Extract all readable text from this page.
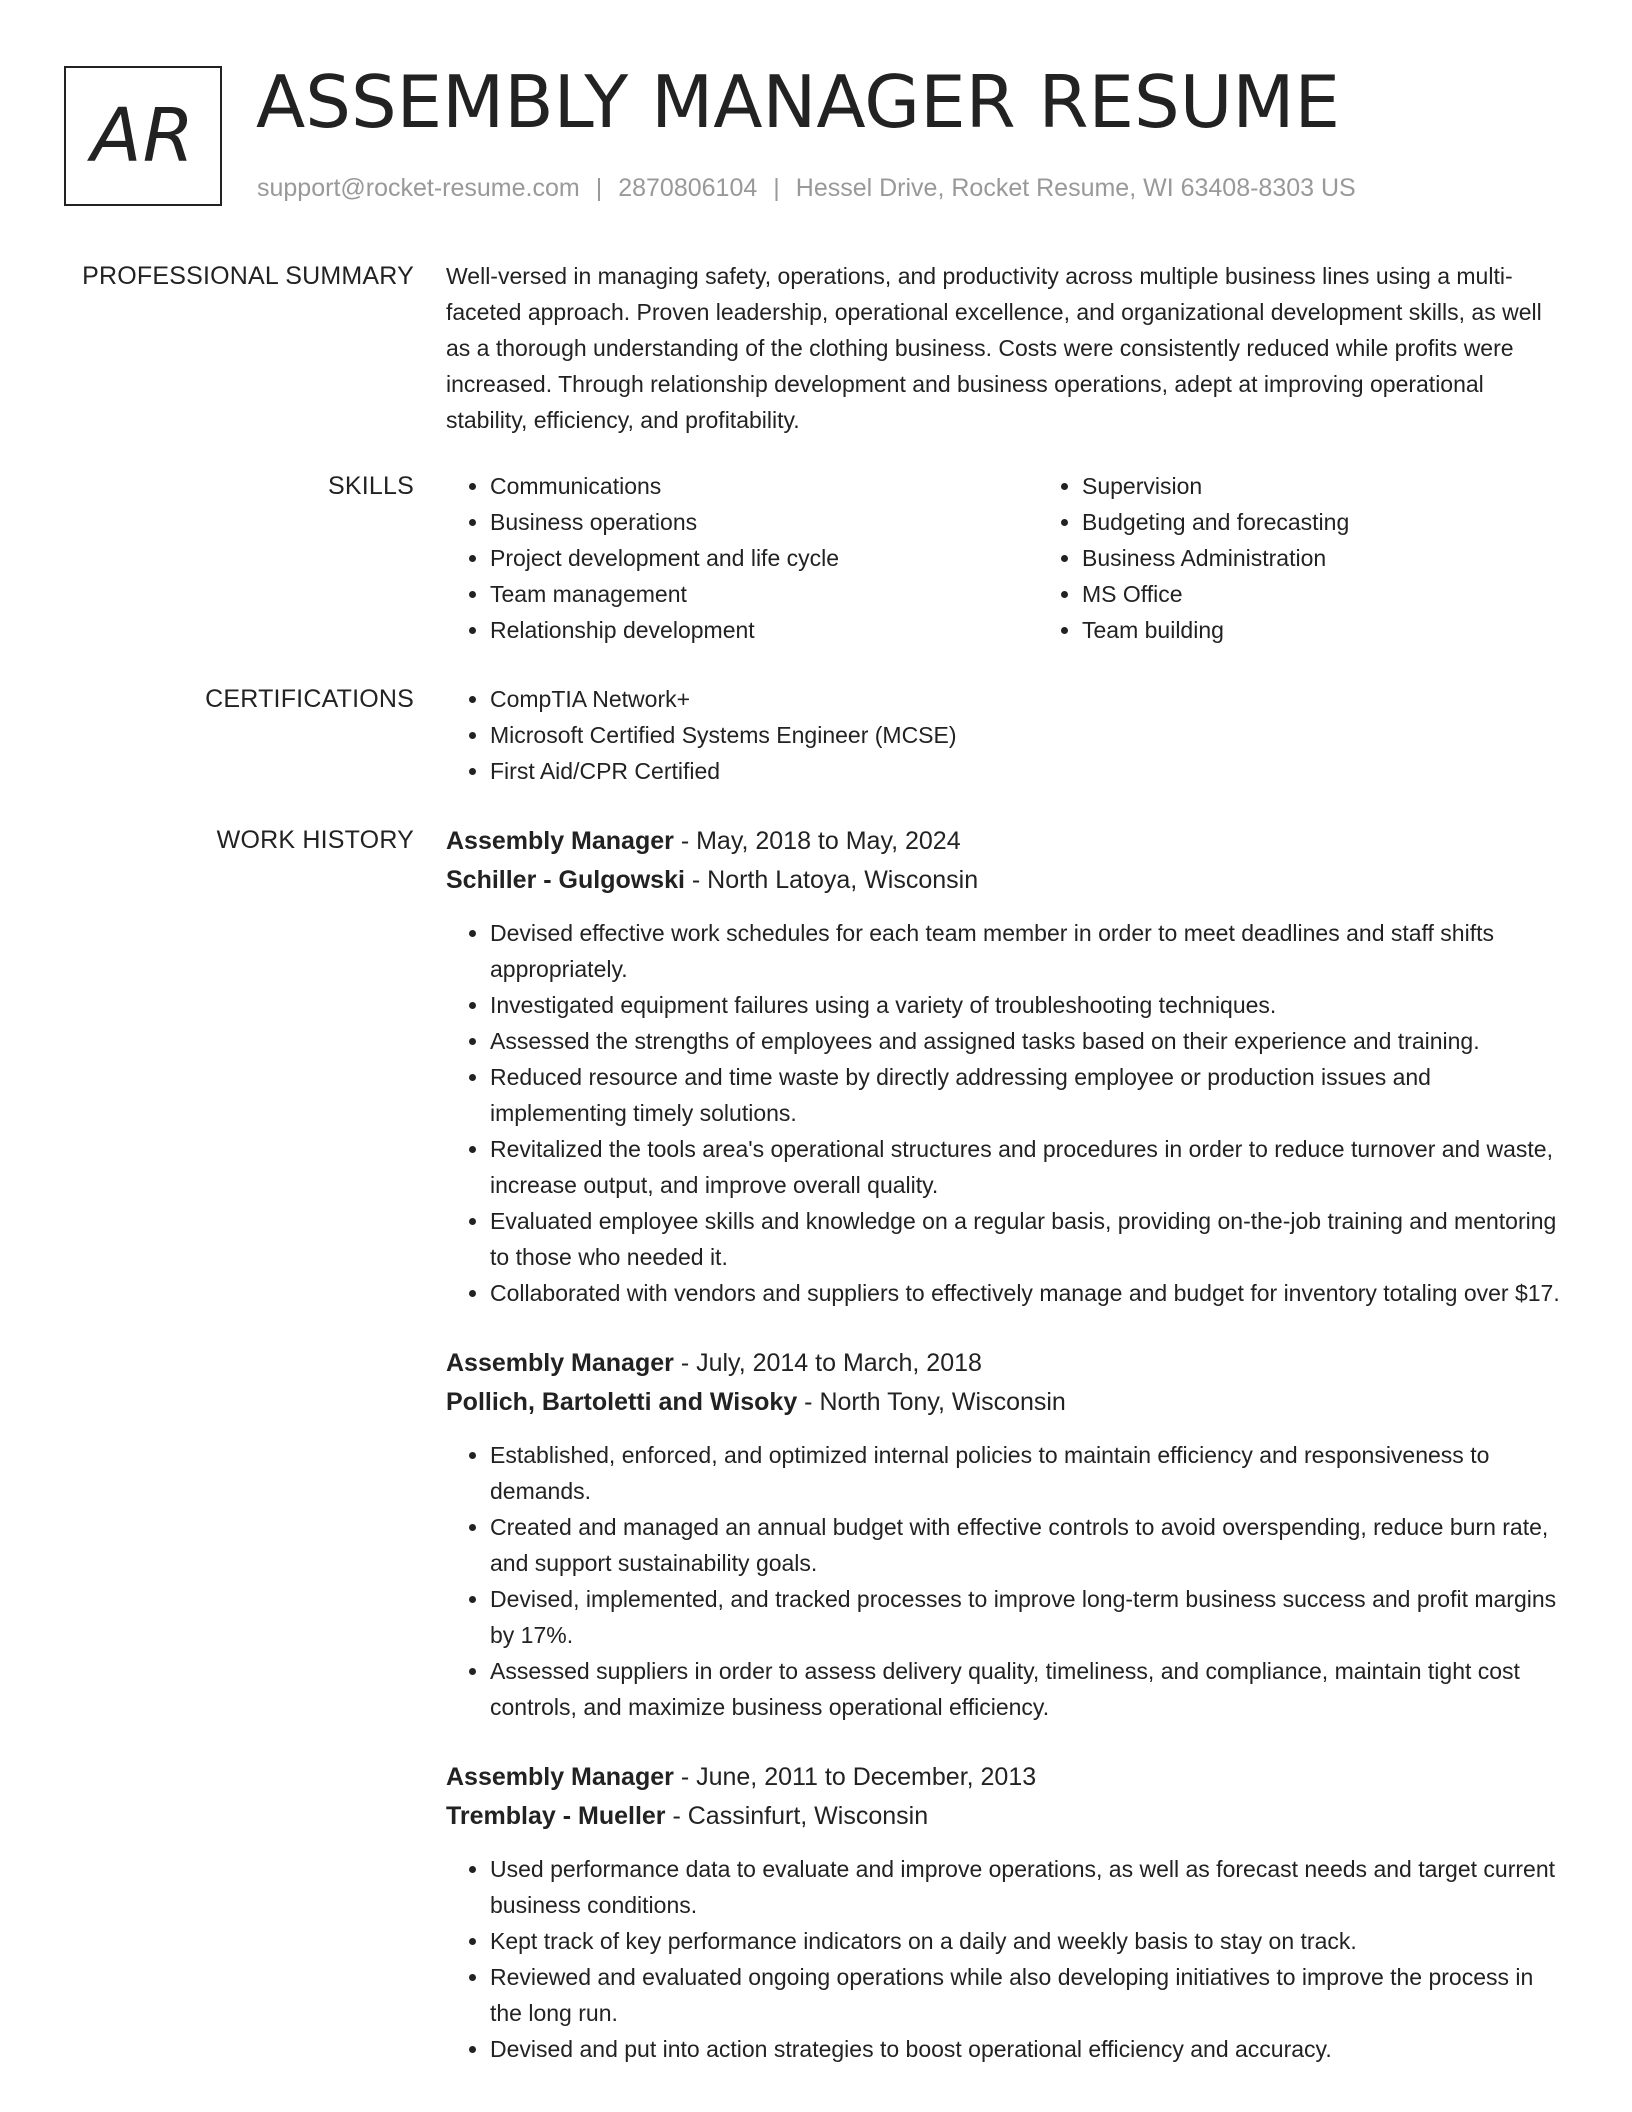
AR ASSEMBLY MANAGER RESUME
support@rocket-resume.com | 2870806104 | Hessel Drive, Rocket Resume, WI 63408-8303 US
PROFESSIONAL SUMMARY Well-versed in managing safety, operations, and productivity across multiple business lines using a multi-faceted approach. Proven leadership, operational excellence, and organizational development skills, as well as a thorough understanding of the clothing business. Costs were consistently reduced while profits were increased. Through relationship development and business operations, adept at improving operational stability, efficiency, and profitability.

SKILLS	• Communications
• Business operations
• Project development and life cycle
• Team management
• Relationship development
• Supervision
• Budgeting and forecasting
• Business Administration
• MS Office
• Team building
CERTIFICATIONS	• CompTIA Network+
• Microsoft Certified Systems Engineer (MCSE)
• First Aid/CPR Certified
WORK HISTORY Assembly Manager - May, 2018 to May, 2024
Schiller - Gulgowski - North Latoya, Wisconsin
• Devised effective work schedules for each team member in order to meet deadlines and staff shifts appropriately.
• Investigated equipment failures using a variety of troubleshooting techniques.
• Assessed the strengths of employees and assigned tasks based on their experience and training.
• Reduced resource and time waste by directly addressing employee or production issues and implementing timely solutions.
• Revitalized the tools area's operational structures and procedures in order to reduce turnover and waste, increase output, and improve overall quality.
• Evaluated employee skills and knowledge on a regular basis, providing on-the-job training and mentoring to those who needed it.
• Collaborated with vendors and suppliers to effectively manage and budget for inventory totaling over $17.
Assembly Manager - July, 2014 to March, 2018
Pollich, Bartoletti and Wisoky - North Tony, Wisconsin
• Established, enforced, and optimized internal policies to maintain efficiency and responsiveness to demands.
• Created and managed an annual budget with effective controls to avoid overspending, reduce burn rate, and support sustainability goals.
• Devised, implemented, and tracked processes to improve long-term business success and profit margins by 17%.
• Assessed suppliers in order to assess delivery quality, timeliness, and compliance, maintain tight cost controls, and maximize business operational efficiency.
Assembly Manager - June, 2011 to December, 2013
Tremblay - Mueller - Cassinfurt, Wisconsin
• Used performance data to evaluate and improve operations, as well as forecast needs and target current business conditions.
• Kept track of key performance indicators on a daily and weekly basis to stay on track.
• Reviewed and evaluated ongoing operations while also developing initiatives to improve the process in the long run.
• Devised and put into action strategies to boost operational efficiency and accuracy.
